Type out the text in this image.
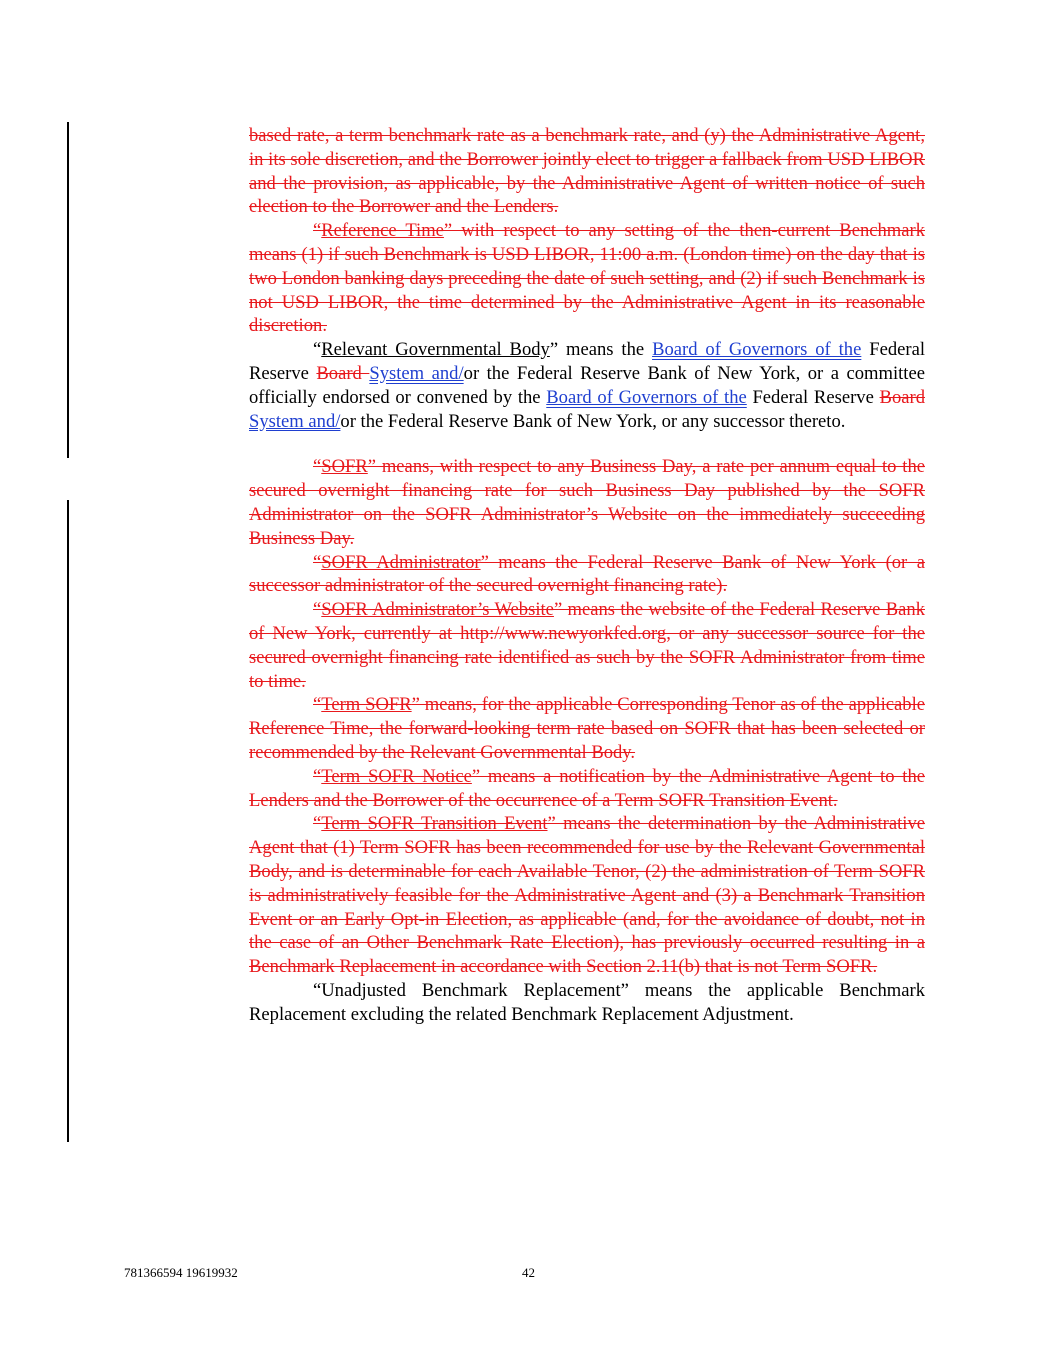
based rate, a term benchmark rate as a benchmark rate, and (y) the Administrative Agent, in its sole discretion, and the Borrower jointly elect to trigger a fallback from USD LIBOR and the provision, as applicable, by the Administrative Agent of written notice of such election to the Borrower and the Lenders.

“Reference Time” with respect to any setting of the then-current Benchmark means (1) if such Benchmark is USD LIBOR, 11:00 a.m. (London time) on the day that is two London banking days preceding the date of such setting, and (2) if such Benchmark is not USD LIBOR, the time determined by the Administrative Agent in its reasonable discretion.

“Relevant Governmental Body” means the Board of Governors of the Federal Reserve Board System and/or the Federal Reserve Bank of New York, or a committee officially endorsed or convened by the Board of Governors of the Federal Reserve Board System and/or the Federal Reserve Bank of New York, or any successor thereto.

“SOFR” means, with respect to any Business Day, a rate per annum equal to the secured overnight financing rate for such Business Day published by the SOFR Administrator on the SOFR Administrator’s Website on the immediately succeeding Business Day.

“SOFR Administrator” means the Federal Reserve Bank of New York (or a successor administrator of the secured overnight financing rate).

“SOFR Administrator’s Website” means the website of the Federal Reserve Bank of New York, currently at http://www.newyorkfed.org, or any successor source for the secured overnight financing rate identified as such by the SOFR Administrator from time to time.

“Term SOFR” means, for the applicable Corresponding Tenor as of the applicable Reference Time, the forward-looking term rate based on SOFR that has been selected or recommended by the Relevant Governmental Body.

“Term SOFR Notice” means a notification by the Administrative Agent to the Lenders and the Borrower of the occurrence of a Term SOFR Transition Event.

“Term SOFR Transition Event” means the determination by the Administrative Agent that (1) Term SOFR has been recommended for use by the Relevant Governmental Body, and is determinable for each Available Tenor, (2) the administration of Term SOFR is administratively feasible for the Administrative Agent and (3) a Benchmark Transition Event or an Early Opt-in Election, as applicable (and, for the avoidance of doubt, not in the case of an Other Benchmark Rate Election), has previously occurred resulting in a Benchmark Replacement in accordance with Section 2.11(b) that is not Term SOFR.

“Unadjusted Benchmark Replacement” means the applicable Benchmark Replacement excluding the related Benchmark Replacement Adjustment.

781366594 19619932	42
